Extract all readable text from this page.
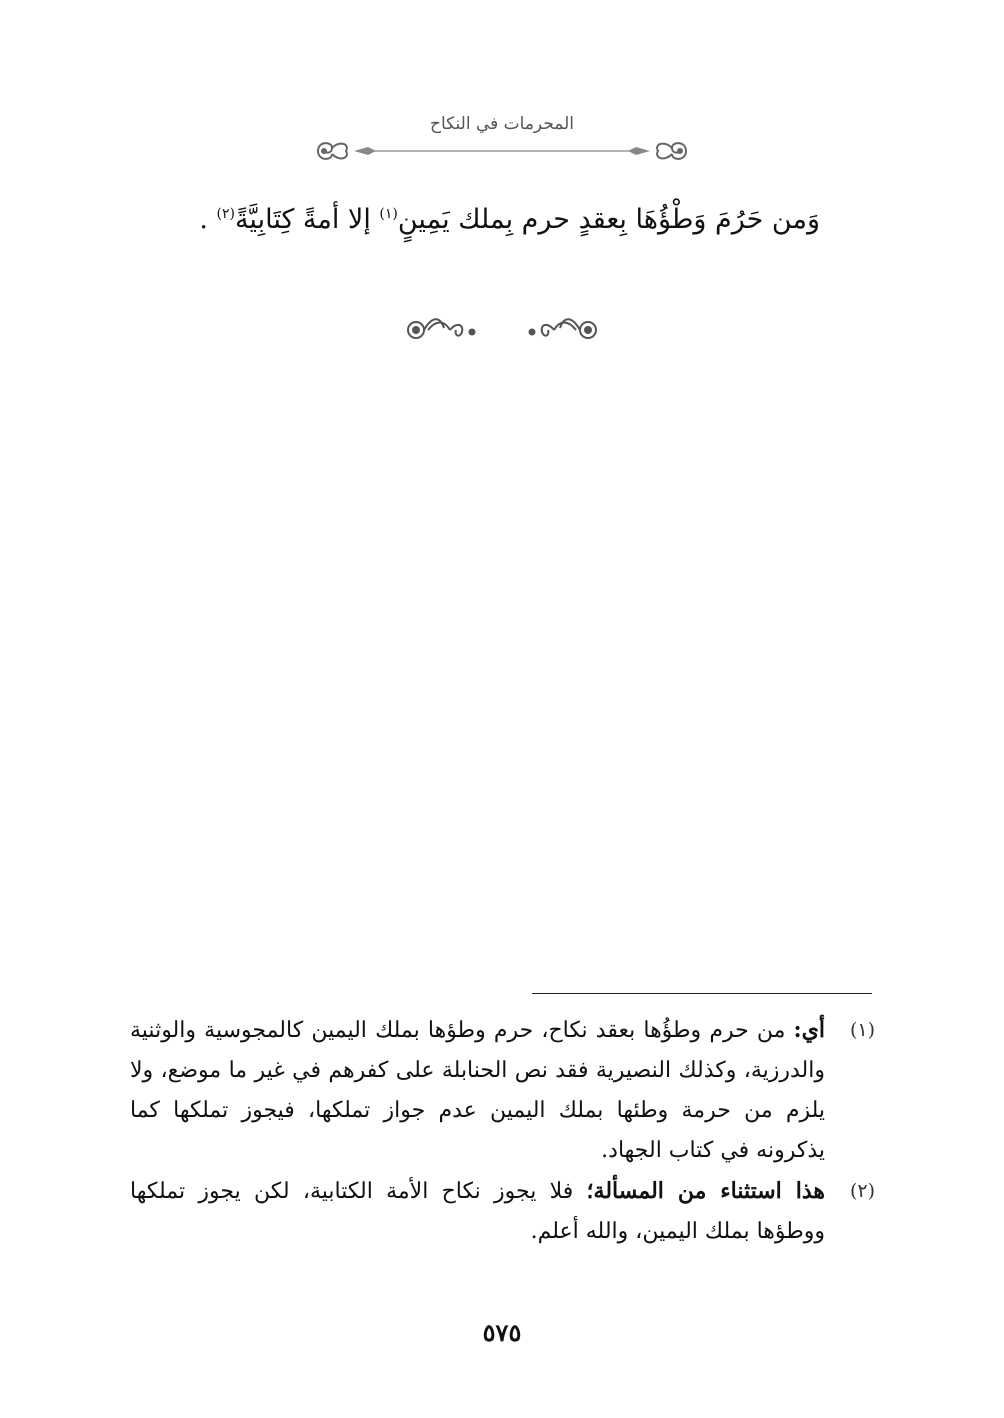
المحرمات في النكاح
وَمن حَرُمَ وَطْؤُهَا بِعقدٍ حرم بِملك يَمِينٍ$^{(١)}$ إلا أمةً كِتَابِيَّةً$^{(٢)}$ .

(١)
أي: من حرم وطؤُها بعقد نكاح، حرم وطؤها بملك اليمين كالمجوسية والوثنية والدرزية، وكذلك النصيرية فقد نص الحنابلة على كفرهم في غير ما موضع، ولا يلزم من حرمة وطئها بملك اليمين عدم جواز تملكها، فيجوز تملكها كما يذكرونه في كتاب الجهاد.

(٢)
هذا استثناء من المسألة؛ فلا يجوز نكاح الأمة الكتابية، لكن يجوز تملكها ووطؤها بملك اليمين، والله أعلم.

٥٧٥
